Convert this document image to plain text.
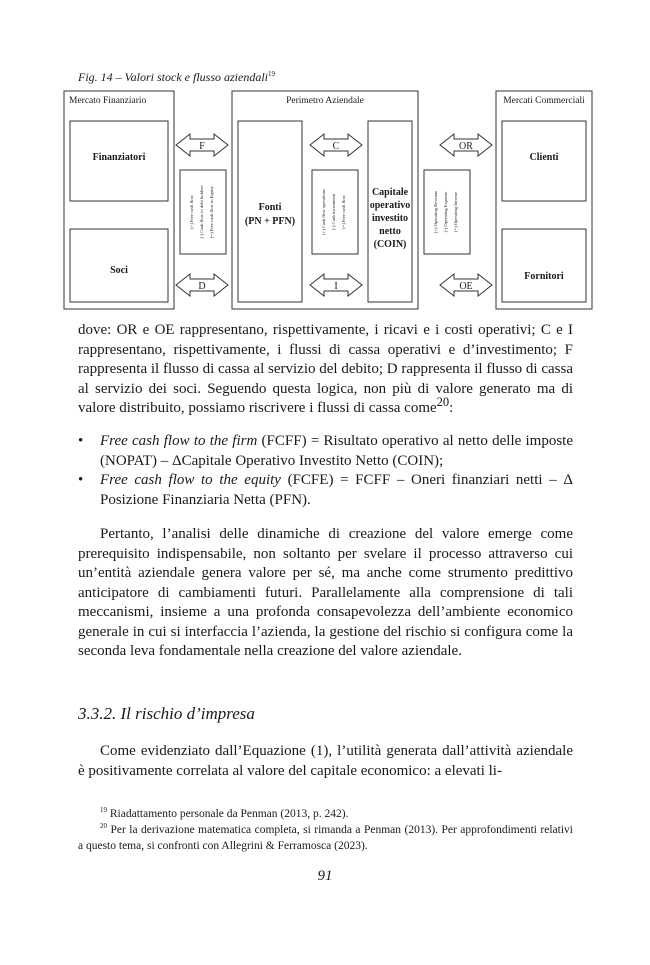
Fig. 14 – Valori stock e flusso aziendali$^{19}$
Mercato Finanziario	Perimetro Aziendale	Mercati Commerciali
Finanziatori
Soci
Fonti
(PN + PFN)
Capitale
operativo
investito
netto
(COIN)
Clienti
Fornitori
F
D
C
I
OR
OE
(+) Free cash flow (-) Cash flow to debt holders (=) Free cash flow to Equity	(+) Cash flow operations (-) Cash investment (=) Free cash flow	(+) Operating Revenue (-) Operating Expense (=) Operating Income

dove: OR e OE rappresentano, rispettivamente, i ricavi e i costi operativi; C e I rappresentano, rispettivamente, i flussi di cassa operativi e d’investimento; F rappresenta il flusso di cassa al servizio del debito; D rappresenta il flusso di cassa al servizio dei soci. Seguendo questa logica, non più di valore generato ma di valore distribuito, possiamo riscrivere i flussi di cassa come$^{20}$:

• Free cash flow to the firm (FCFF) = Risultato operativo al netto delle imposte (NOPAT) – ΔCapitale Operativo Investito Netto (COIN);
• Free cash flow to the equity (FCFE) = FCFF – Oneri finanziari netti – Δ Posizione Finanziaria Netta (PFN).

Pertanto, l’analisi delle dinamiche di creazione del valore emerge come prerequisito indispensabile, non soltanto per svelare il processo attraverso cui un’entità aziendale genera valore per sé, ma anche come strumento predittivo anticipatore di cambiamenti futuri. Parallelamente alla comprensione di tali meccanismi, insieme a una profonda consapevolezza dell’ambiente economico generale in cui si interfaccia l’azienda, la gestione del rischio si configura come la seconda leva fondamentale nella creazione del valore aziendale.

3.3.2. Il rischio d’impresa

Come evidenziato dall’Equazione (1), l’utilità generata dall’attività aziendale è positivamente correlata al valore del capitale economico: a elevati li-

$^{19}$ Riadattamento personale da Penman (2013, p. 242).
$^{20}$ Per la derivazione matematica completa, si rimanda a Penman (2013). Per approfondimenti relativi a questo tema, si confronti con Allegrini & Ferramosca (2023).
91
